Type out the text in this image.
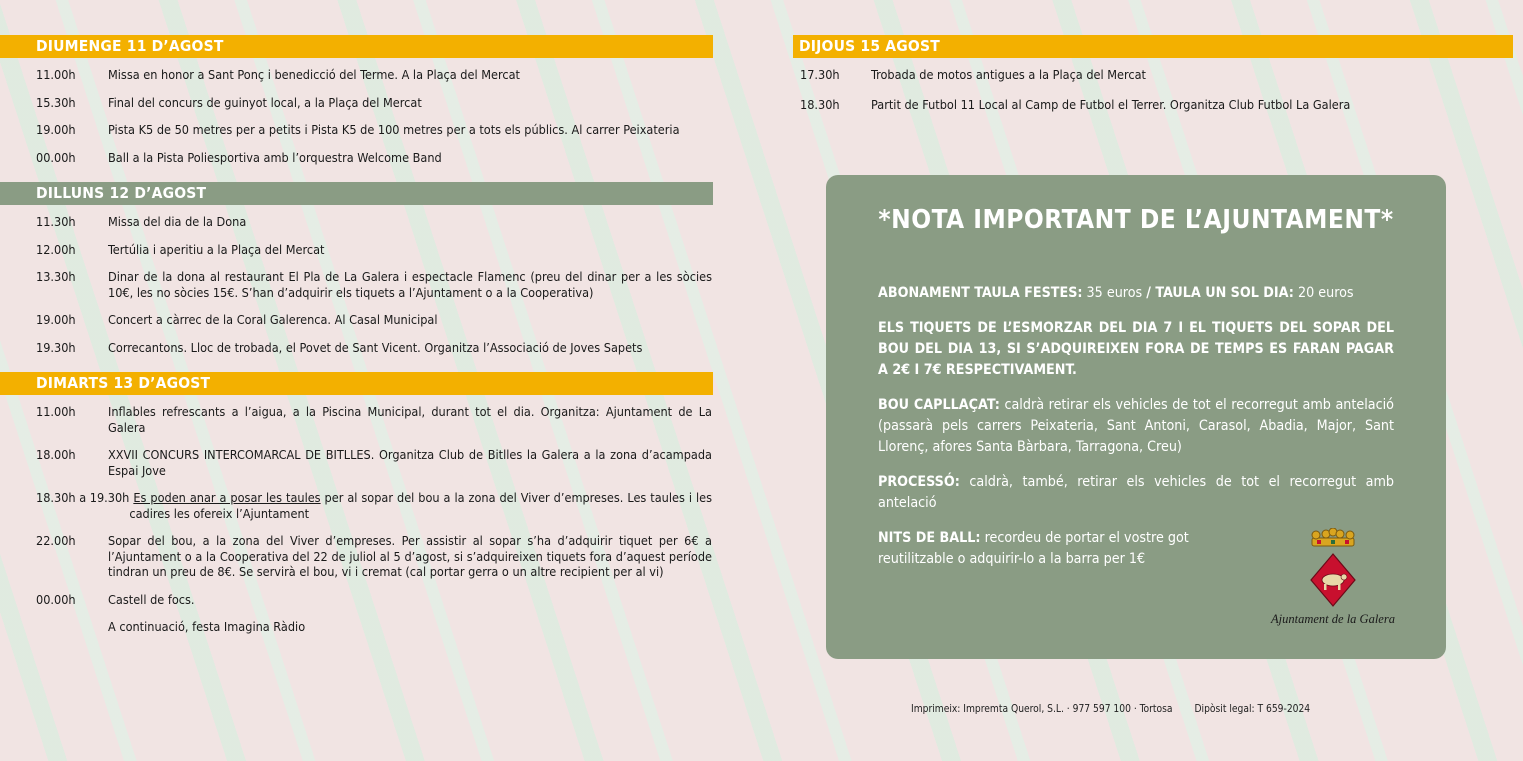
DIUMENGE 11 D’AGOST
11.00h	Missa en honor a Sant Ponç i benedicció del Terme. A la Plaça del Mercat
15.30h	Final del concurs de guinyot local, a la Plaça del Mercat
19.00h	Pista K5 de 50 metres per a petits i Pista K5 de 100 metres per a tots els públics. Al carrer Peixateria
00.00h	Ball a la Pista Poliesportiva amb l’orquestra Welcome Band
DILLUNS 12 D’AGOST
11.30h	Missa del dia de la Dona
12.00h	Tertúlia i aperitiu a la Plaça del Mercat
13.30h	Dinar de la dona al restaurant El Pla de La Galera i espectacle Flamenc (preu del dinar per a les sòcies 10€, les no sòcies 15€. S’han d’adquirir els tiquets a l’Ajuntament o a la Cooperativa)
19.00h	Concert a càrrec de la Coral Galerenca. Al Casal Municipal
19.30h	Correcantons. Lloc de trobada, el Povet de Sant Vicent. Organitza l’Associació de Joves Sapets
DIMARTS 13 D’AGOST
11.00h	Inflables refrescants a l’aigua, a la Piscina Municipal, durant tot el dia. Organitza: Ajuntament de La Galera
18.00h	XXVII CONCURS INTERCOMARCAL DE BITLLES. Organitza Club de Bitlles la Galera a la zona d’acampada Espai Jove
18.30h a 19.30h Es poden anar a posar les taules per al sopar del bou a la zona del Viver d’empreses. Les taules i les cadires les ofereix l’Ajuntament
22.00h	Sopar del bou, a la zona del Viver d’empreses. Per assistir al sopar s’ha d’adquirir tiquet per 6€ a l’Ajuntament o a la Cooperativa del 22 de juliol al 5 d’agost, si s’adquireixen tiquets fora d’aquest període tindran un preu de 8€. Se servirà el bou, vi i cremat (cal portar gerra o un altre recipient per al vi)
00.00h	Castell de focs.
A continuació, festa Imagina Ràdio
DIJOUS 15 AGOST
17.30h	Trobada de motos antigues a la Plaça del Mercat
18.30h	Partit de Futbol 11 Local al Camp de Futbol el Terrer. Organitza Club Futbol La Galera
*NOTA IMPORTANT DE L’AJUNTAMENT*

ABONAMENT TAULA FESTES: 35 euros / TAULA UN SOL DIA: 20 euros

ELS TIQUETS DE L’ESMORZAR DEL DIA 7 I EL TIQUETS DEL SOPAR DEL BOU DEL DIA 13, SI S’ADQUIREIXEN FORA DE TEMPS ES FARAN PAGAR A 2€ I 7€ RESPECTIVAMENT.

BOU CAPLLAÇAT: caldrà retirar els vehicles de tot el recorregut amb antelació (passarà pels carrers Peixateria, Sant Antoni, Carasol, Abadia, Major, Sant Llorenç, afores Santa Bàrbara, Tarragona, Creu)

PROCESSÓ: caldrà, també, retirar els vehicles de tot el recorregut amb antelació

NITS DE BALL: recordeu de portar el vostre got reutilitzable o adquirir-lo a la barra per 1€

Ajuntament de la Galera
Imprimeix: Impremta Querol, S.L. · 977 597 100 · Tortosa Dipòsit legal: T 659-2024
